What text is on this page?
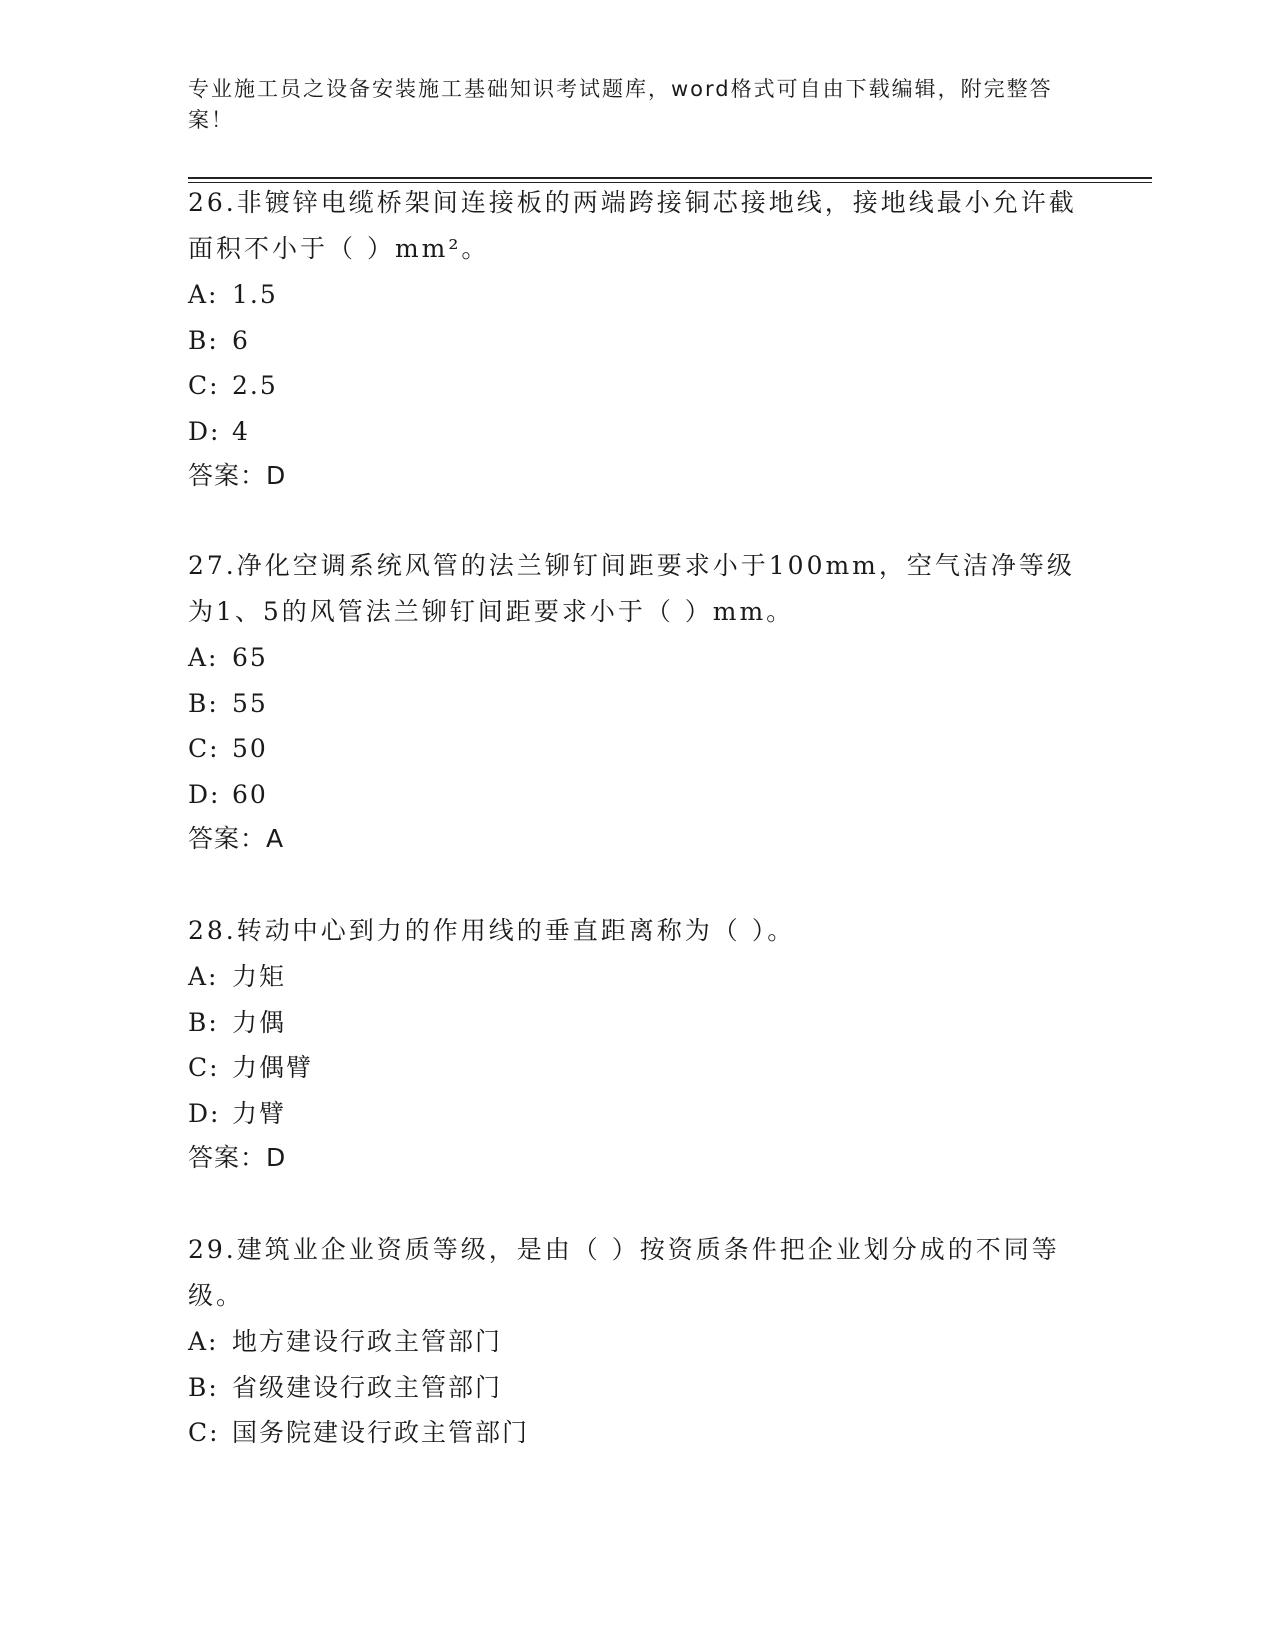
专业施工员之设备安装施工基础知识考试题库，word格式可自由下载编辑，附完整答案！

26.非镀锌电缆桥架间连接板的两端跨接铜芯接地线，接地线最小允许截面积不小于（ ）mm²。

A: 1.5
B: 6
C: 2.5
D: 4
答案：D

27.净化空调系统风管的法兰铆钉间距要求小于100mm，空气洁净等级为1、5的风管法兰铆钉间距要求小于（ ）mm。

A: 65
B: 55
C: 50
D: 60
答案：A

28.转动中心到力的作用线的垂直距离称为（ ）。

A: 力矩
B: 力偶
C: 力偶臂
D: 力臂
答案：D

29.建筑业企业资质等级，是由（ ）按资质条件把企业划分成的不同等级。

A: 地方建设行政主管部门
B: 省级建设行政主管部门
C: 国务院建设行政主管部门
